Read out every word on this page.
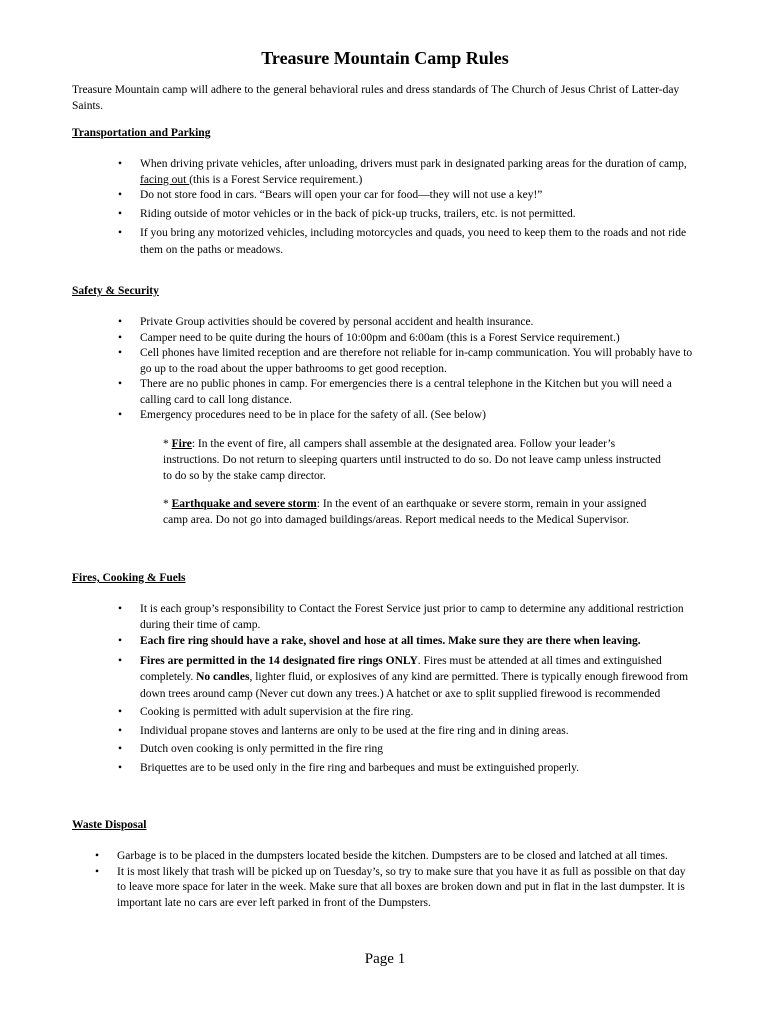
Treasure Mountain Camp Rules
Treasure Mountain camp will adhere to the general behavioral rules and dress standards of The Church of Jesus Christ of Latter-day Saints.
Transportation and Parking
• When driving private vehicles, after unloading, drivers must park in designated parking areas for the duration of camp, facing out (this is a Forest Service requirement.)
• Do not store food in cars. “Bears will open your car for food—they will not use a key!”
• Riding outside of motor vehicles or in the back of pick-up trucks, trailers, etc. is not permitted.
• If you bring any motorized vehicles, including motorcycles and quads, you need to keep them to the roads and not ride them on the paths or meadows.
Safety & Security
• Private Group activities should be covered by personal accident and health insurance.
• Camper need to be quite during the hours of 10:00pm and 6:00am (this is a Forest Service requirement.)
• Cell phones have limited reception and are therefore not reliable for in-camp communication. You will probably have to go up to the road about the upper bathrooms to get good reception.
• There are no public phones in camp. For emergencies there is a central telephone in the Kitchen but you will need a calling card to call long distance.
• Emergency procedures need to be in place for the safety of all. (See below)
* Fire: In the event of fire, all campers shall assemble at the designated area. Follow your leader’s instructions. Do not return to sleeping quarters until instructed to do so. Do not leave camp unless instructed to do so by the stake camp director.
* Earthquake and severe storm: In the event of an earthquake or severe storm, remain in your assigned camp area. Do not go into damaged buildings/areas. Report medical needs to the Medical Supervisor.
Fires, Cooking & Fuels
• It is each group’s responsibility to Contact the Forest Service just prior to camp to determine any additional restriction during their time of camp.
• Each fire ring should have a rake, shovel and hose at all times. Make sure they are there when leaving.
• Fires are permitted in the 14 designated fire rings ONLY. Fires must be attended at all times and extinguished completely. No candles, lighter fluid, or explosives of any kind are permitted. There is typically enough firewood from down trees around camp (Never cut down any trees.) A hatchet or axe to split supplied firewood is recommended
• Cooking is permitted with adult supervision at the fire ring.
• Individual propane stoves and lanterns are only to be used at the fire ring and in dining areas.
• Dutch oven cooking is only permitted in the fire ring
• Briquettes are to be used only in the fire ring and barbeques and must be extinguished properly.
Waste Disposal
• Garbage is to be placed in the dumpsters located beside the kitchen. Dumpsters are to be closed and latched at all times.
• It is most likely that trash will be picked up on Tuesday’s, so try to make sure that you have it as full as possible on that day to leave more space for later in the week. Make sure that all boxes are broken down and put in flat in the last dumpster. It is important late no cars are ever left parked in front of the Dumpsters.
Page 1
